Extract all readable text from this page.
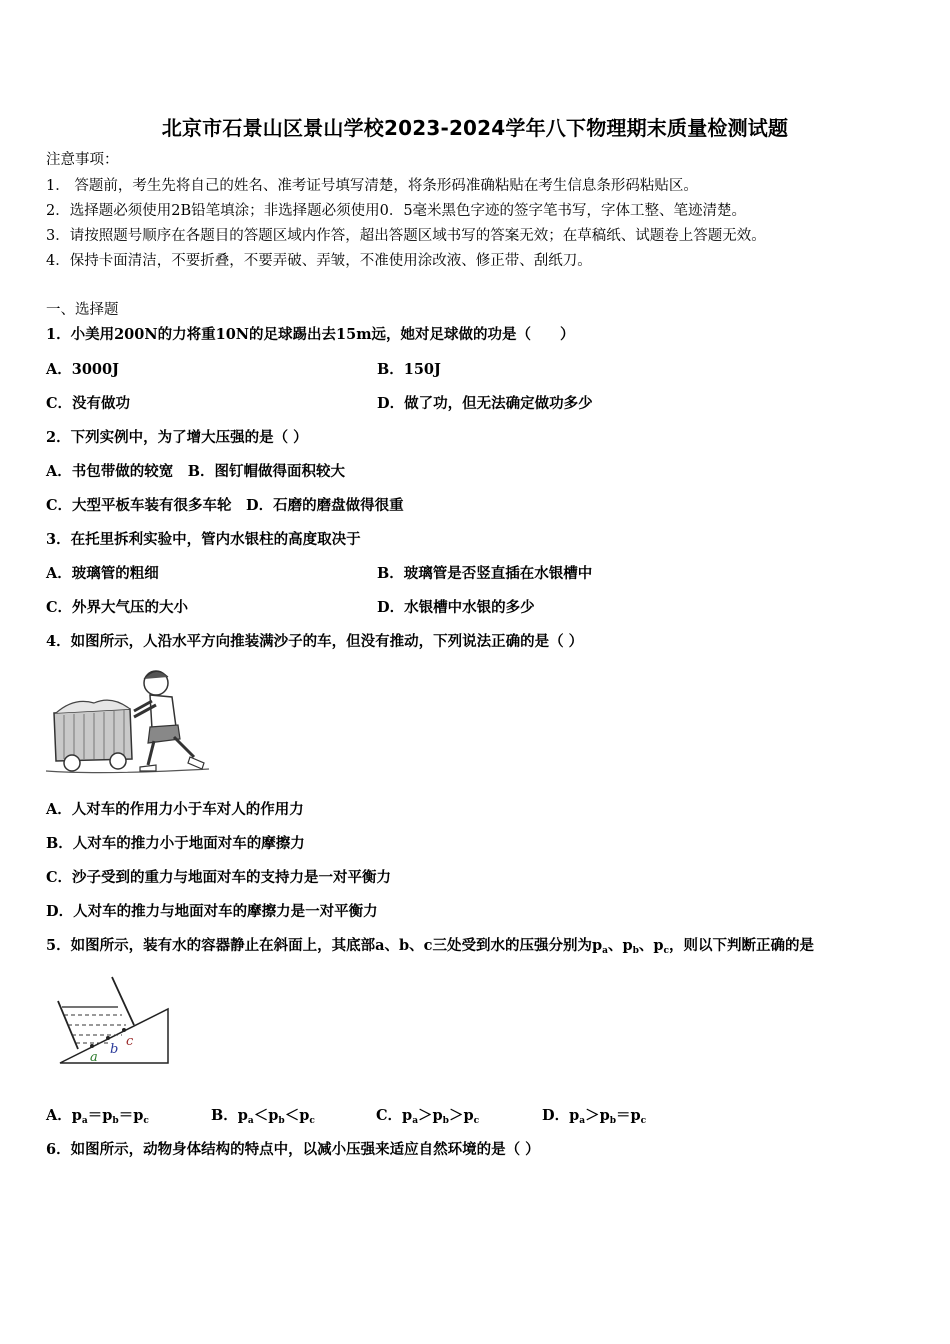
北京市石景山区景山学校2023-2024学年八下物理期末质量检测试题
注意事项：
1． 答题前，考生先将自己的姓名、准考证号填写清楚，将条形码准确粘贴在考生信息条形码粘贴区。
2．选择题必须使用2B铅笔填涂；非选择题必须使用0．5毫米黑色字迹的签字笔书写，字体工整、笔迹清楚。
3．请按照题号顺序在各题目的答题区域内作答，超出答题区域书写的答案无效；在草稿纸、试题卷上答题无效。
4．保持卡面清洁，不要折叠，不要弄破、弄皱，不准使用涂改液、修正带、刮纸刀。
一、选择题
1．小美用200N的力将重10N的足球踢出去15m远，她对足球做的功是（　　）
A．3000J	B．150J
C．没有做功	D．做了功，但无法确定做功多少
2．下列实例中，为了增大压强的是（ ）
A．书包带做的较宽　B．图钉帽做得面积较大
C．大型平板车装有很多车轮　D．石磨的磨盘做得很重
3．在托里拆利实验中，管内水银柱的高度取决于
A．玻璃管的粗细	B．玻璃管是否竖直插在水银槽中
C．外界大气压的大小	D．水银槽中水银的多少
4．如图所示，人沿水平方向推装满沙子的车，但没有推动，下列说法正确的是（ ）
A．人对车的作用力小于车对人的作用力
B．人对车的推力小于地面对车的摩擦力
C．沙子受到的重力与地面对车的支持力是一对平衡力
D．人对车的推力与地面对车的摩擦力是一对平衡力
5．如图所示，装有水的容器静止在斜面上，其底部a、b、c三处受到水的压强分别为$p_a$、$p_b$、$p_c$，则以下判断正确的是
a
b
c
A．$p_a=p_b=p_c$	B．$p_a<p_b<p_c$	C．$p_a>p_b>p_c$	D．$p_a>p_b=p_c$
6．如图所示，动物身体结构的特点中，以减小压强来适应自然环境的是（ ）
